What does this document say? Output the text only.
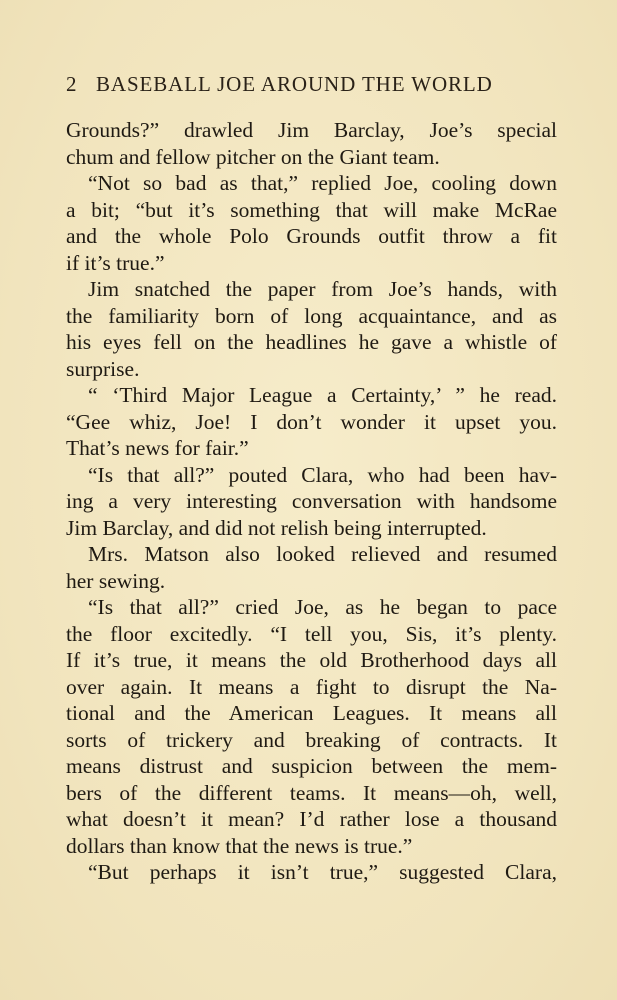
2 BASEBALL JOE AROUND THE WORLD
Grounds?” drawled Jim Barclay, Joe’s special
chum and fellow pitcher on the Giant team.
“Not so bad as that,” replied Joe, cooling down
a bit; “but it’s something that will make McRae
and the whole Polo Grounds outfit throw a fit
if it’s true.”
Jim snatched the paper from Joe’s hands, with
the familiarity born of long acquaintance, and as
his eyes fell on the headlines he gave a whistle of
surprise.
“ ‘Third Major League a Certainty,’ ” he read.
“Gee whiz, Joe! I don’t wonder it upset you.
That’s news for fair.”
“Is that all?” pouted Clara, who had been hav-
ing a very interesting conversation with handsome
Jim Barclay, and did not relish being interrupted.
Mrs. Matson also looked relieved and resumed
her sewing.
“Is that all?” cried Joe, as he began to pace
the floor excitedly. “I tell you, Sis, it’s plenty.
If it’s true, it means the old Brotherhood days all
over again. It means a fight to disrupt the Na-
tional and the American Leagues. It means all
sorts of trickery and breaking of contracts. It
means distrust and suspicion between the mem-
bers of the different teams. It means—oh, well,
what doesn’t it mean? I’d rather lose a thousand
dollars than know that the news is true.”
“But perhaps it isn’t true,” suggested Clara,
